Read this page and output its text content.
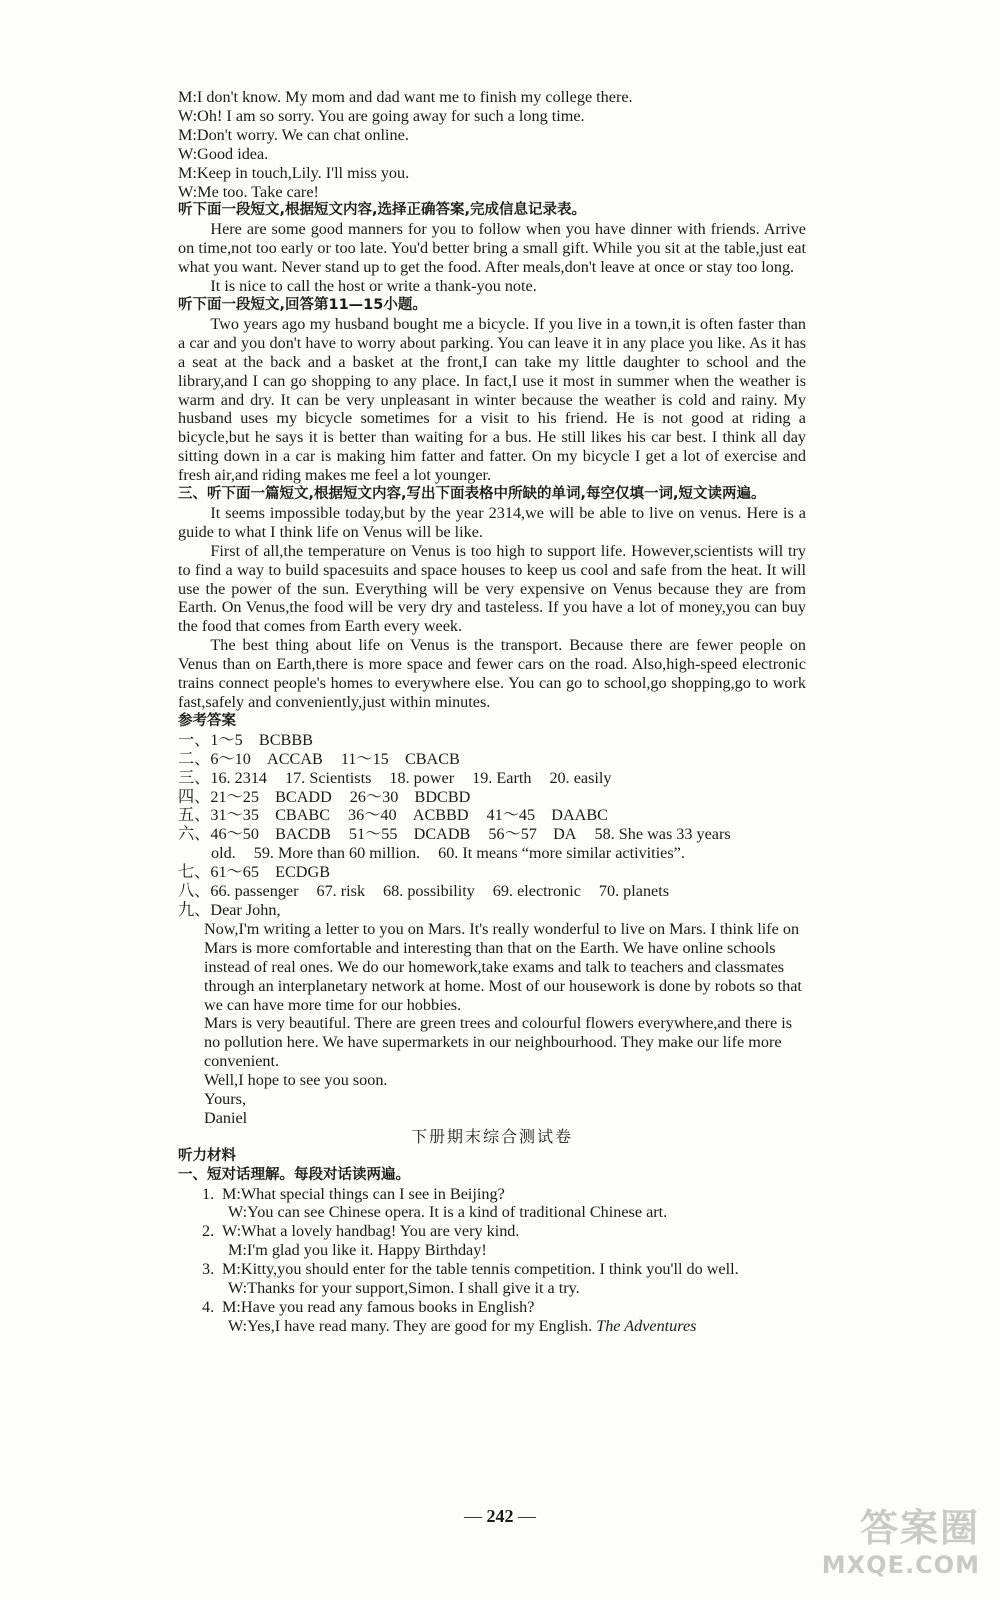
M:I don't know. My mom and dad want me to finish my college there.

W:Oh! I am so sorry. You are going away for such a long time.

M:Don't worry. We can chat online.

W:Good idea.

M:Keep in touch,Lily. I'll miss you.

W:Me too. Take care!

听下面一段短文,根据短文内容,选择正确答案,完成信息记录表。

Here are some good manners for you to follow when you have dinner with friends. Arrive on time,not too early or too late. You'd better bring a small gift. While you sit at the table,just eat what you want. Never stand up to get the food. After meals,don't leave at once or stay too long.

It is nice to call the host or write a thank-you note.

听下面一段短文,回答第11—15小题。

Two years ago my husband bought me a bicycle. If you live in a town,it is often faster than a car and you don't have to worry about parking. You can leave it in any place you like. As it has a seat at the back and a basket at the front,I can take my little daughter to school and the library,and I can go shopping to any place. In fact,I use it most in summer when the weather is warm and dry. It can be very unpleasant in winter because the weather is cold and rainy. My husband uses my bicycle sometimes for a visit to his friend. He is not good at riding a bicycle,but he says it is better than waiting for a bus. He still likes his car best. I think all day sitting down in a car is making him fatter and fatter. On my bicycle I get a lot of exercise and fresh air,and riding makes me feel a lot younger.

三、听下面一篇短文,根据短文内容,写出下面表格中所缺的单词,每空仅填一词,短文读两遍。

It seems impossible today,but by the year 2314,we will be able to live on venus. Here is a guide to what I think life on Venus will be like.

First of all,the temperature on Venus is too high to support life. However,scientists will try to find a way to build spacesuits and space houses to keep us cool and safe from the heat. It will use the power of the sun. Everything will be very expensive on Venus because they are from Earth. On Venus,the food will be very dry and tasteless. If you have a lot of money,you can buy the food that comes from Earth every week.

The best thing about life on Venus is the transport. Because there are fewer people on Venus than on Earth,there is more space and fewer cars on the road. Also,high-speed electronic trains connect people's homes to everywhere else. You can go to school,go shopping,go to work fast,safely and conveniently,just within minutes.

参考答案

一、1～5　BCBBB
二、6～10　ACCAB 11～15　CBACB
三、16. 2314 17. Scientists 18. power 19. Earth 20. easily
四、21～25　BCADD 26～30　BDCBD
五、31～35　CBABC 36～40　ACBBD 41～45　DAABC
六、46～50　BACDB 51～55　DCADB 56～57　DA 58. She was 33 years
old. 59. More than 60 million. 60. It means “more similar activities”.
七、61～65　ECDGB
八、66. passenger 67. risk 68. possibility 69. electronic 70. planets
九、Dear John,

Now,I'm writing a letter to you on Mars. It's really wonderful to live on Mars. I think life on Mars is more comfortable and interesting than that on the Earth. We have online schools instead of real ones. We do our homework,take exams and talk to teachers and classmates through an interplanetary network at home. Most of our housework is done by robots so that we can have more time for our hobbies.

Mars is very beautiful. There are green trees and colourful flowers everywhere,and there is no pollution here. We have supermarkets in our neighbourhood. They make our life more convenient.

Well,I hope to see you soon.

Yours,

Daniel

下册期末综合测试卷

听力材料

一、短对话理解。每段对话读两遍。

1. M:What special things can I see in Beijing?

W:You can see Chinese opera. It is a kind of traditional Chinese art.

2. W:What a lovely handbag! You are very kind.

M:I'm glad you like it. Happy Birthday!

3. M:Kitty,you should enter for the table tennis competition. I think you'll do well.

W:Thanks for your support,Simon. I shall give it a try.

4. M:Have you read any famous books in English?

W:Yes,I have read many. They are good for my English. The Adventures

— 242 —	答案圈
MXQE.COM
